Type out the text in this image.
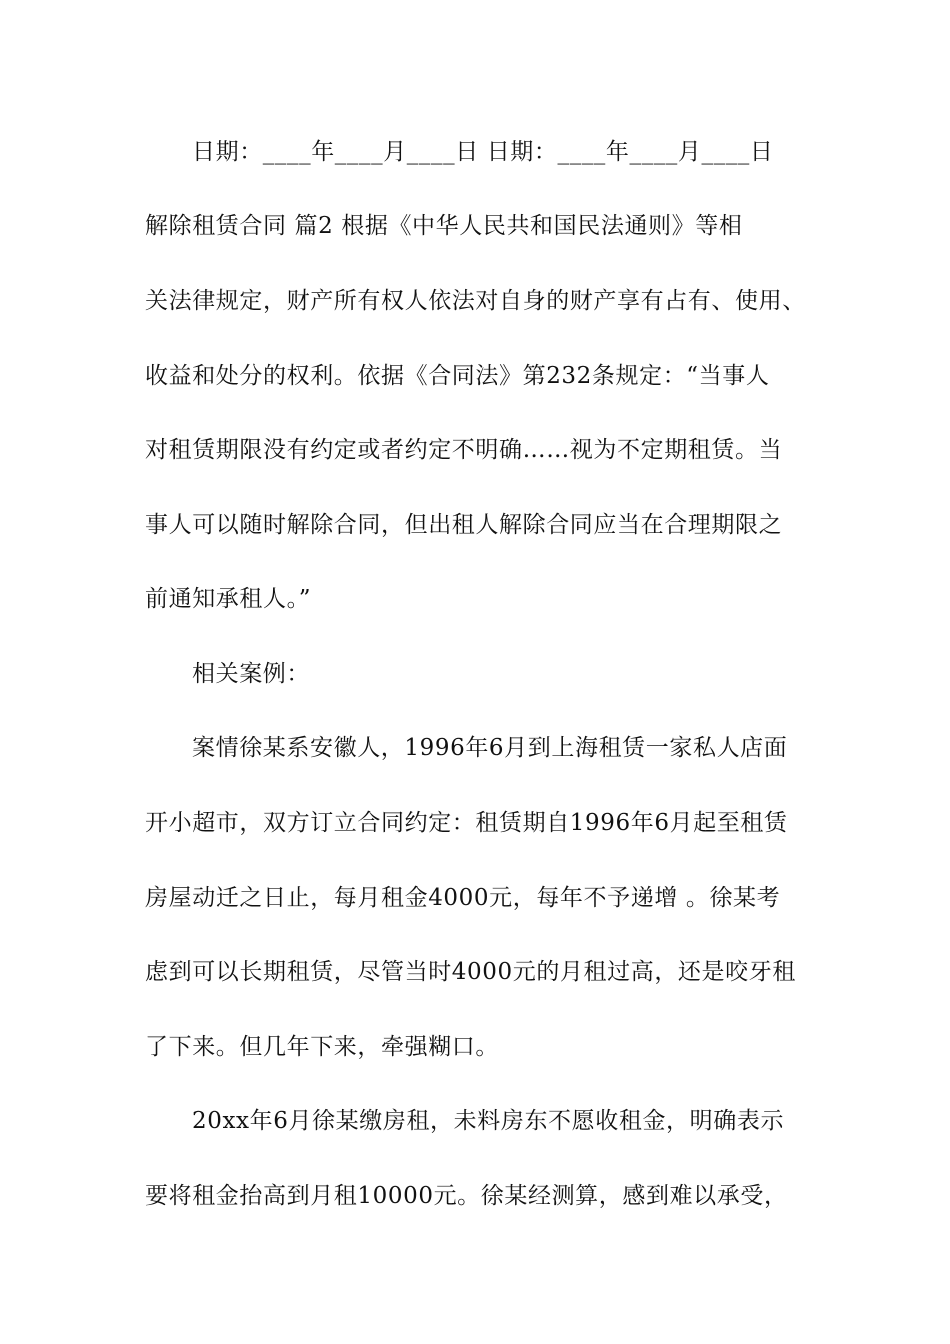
日期：____年____月____日 日期：____年____月____日
解除租赁合同 篇2 根据《中华人民共和国民法通则》等相
关法律规定，财产所有权人依法对自身的财产享有占有、使用、
收益和处分的权利。依据《合同法》第232条规定：“当事人
对租赁期限没有约定或者约定不明确……视为不定期租赁。当
事人可以随时解除合同，但出租人解除合同应当在合理期限之
前通知承租人。”
相关案例：
案情徐某系安徽人，1996年6月到上海租赁一家私人店面
开小超市，双方订立合同约定：租赁期自1996年6月起至租赁
房屋动迁之日止，每月租金4000元，每年不予递增 。徐某考
虑到可以长期租赁，尽管当时4000元的月租过高，还是咬牙租
了下来。但几年下来，牵强糊口。
20xx年6月徐某缴房租，未料房东不愿收租金，明确表示
要将租金抬高到月租10000元。徐某经测算，感到难以承受，
